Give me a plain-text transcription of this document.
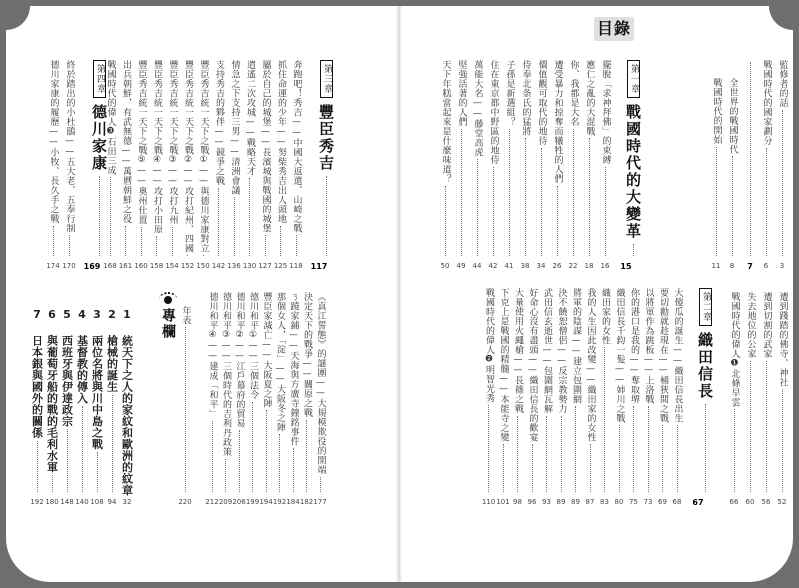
目錄
監修者的話
3
戰國時代的國家劃分
6
7
全世界的戰國時代
8
戰國時代的開始
11
第一章
戰國時代的大變革
15
擺脫「求神拜佛」的束縛
16
應仁之亂的大混戰
18
你、我都是大名
22
遭受暴力和掠奪而犧牲的人們
26
價值觀可取代的地待
34
侍奉北条氏的猛將
38
子孫是新選組？
41
住在東京都中野區的地侍
42
萬能大名——藤堂高虎
44
堅強活著的人們
49
天下年糕當起來是什麼味道？
50
遭到踐踏的佛寺、神社
52
遭到切割的武家
56
失去地位的公家
60
戰國時代的偉人❶北條早雲
66
第二章
織田信長
67
大傻瓜的誕生——織田信長出生
68
要切勸就趁現在——桶狹間之戰
69
以將軍作為跳板——上洛戰
73
你的港口是我的——奪取堺
75
織田信長千鈞一髮——姉川之戰
80
織田家的女性
83
我的人生因此改變——織田家的女性
87
將軍的陰謀——建立包圍網
89
決不饒恕僧侶——反宗教勢力
89
武田信玄逝世——包圍網瓦解
93
好命心沒有盡頭——織田信長的歡宴
96
大量使用火繩槍——長篠之戰
98
下克上是戰國的精髓——本能寺之變
101
戰國時代的偉人❷明智光秀
110
第三章
豐臣秀吉
117
奔跑吧！秀吉——中國大返還、山崎之戰
118
抓住命運的少年——努柴秀吉出人頭地
125
屬於自己的城堡——長濱城與戰國的城堡
127
遣遙二次攻城——戰略天才
130
情急之下支持三男——清洲會議
136
支持秀吉的夥伴——競爭之戰
142
豐臣秀吉統一天下之戰①——與德川家康對立
150
豐臣秀吉統一天下之戰②——攻打紀州、四國
152
豐臣秀吉統一天下之戰③——攻打九州
154
豐臣秀吉統一天下之戰④——攻打小田原
158
豐臣秀吉統一天下之戰⑤——奧州仕置
160
出兵朝鮮，有武無德——萬曆朝鮮之役
161
戰國時代的偉人❸石田三成
168
第四章
德川家康
169
終於踏出的小杜鵑——五大老、五奉行制
170
德川家康的履歷——小牧、長久手之戰
174
《真江誓態》的謎團——大規模欺役的開端
177
決定天下的戰爭——關原之戰
182
ㄋ蹺家鋪——天海與方廣寺鐘銘事件
184
那個女人，「淀」——大阪冬之陣
192
豐臣家滅亡——大阪夏之陣
194
德川和平①——三個法令
199
德川和平②——江戶幕府的貿易
206
德川和平③——三個時代的吉利丹政策
209
德川和平④——建成「和平」
212
年表
220
專欄
1 統天下之人的家紋和歐洲的紋章
32
2 槍械的誕生
94
3 兩位名將與川中島之戰
108
4 基督教的傳入
140
5 西班牙與伊達政宗
148
6 與葡萄牙船的戰的毛利水軍
180
7 日本銀與國外的關係
192
